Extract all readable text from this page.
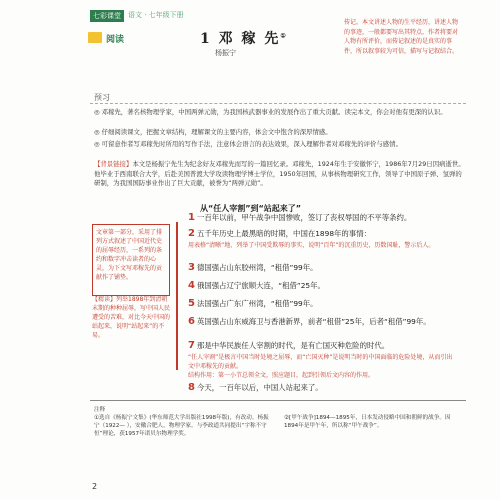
七彩课堂	语文 · 七年级下册
阅读	1 邓 稼 先①
杨振宁
传记。本文讲述人物的生平经历，讲述人物的事迹，一般都要写出其特点，作者将要对人物有所评价，而传记叙述的是真实的事件，所以叙事较为可信，描写与记叙结合。
预习
◎ 邓稼先，著名核物理学家，中国两弹元勋，为我国核武器事业的发展作出了重大贡献。读完本文，你会对他有更深的认识。
◎ 仔细阅读课文，把握文章结构，理解课文的主要内容，体会文中饱含的深厚情感。
◎ 可留意作者写邓稼先时所用的写作手法，注意体会语言的表达效果，深入理解作者对邓稼先的评价与感情。
【背景链接】本文是杨振宁先生为纪念好友邓稼先而写的一篇回忆录。邓稼先，1924年生于安徽怀宁，1986年7月29日因病逝世。他毕业于西南联合大学，后赴美国普渡大学攻读物理学博士学位，1950年回国，从事核物理研究工作，领导了中国原子弹、氢弹的研制，为我国国防事业作出了巨大贡献，被誉为“两弹元勋”。
从“任人宰割”到“站起来了”
文章第一部分，采用了排列方式叙述了中国近代史的屈辱经历，一系列的条约和数字冲击读者的心灵，为下文写邓稼先的贡献作了铺垫。
【精读】列举1898年到清朝末期的种种屈辱，写中国人民遭受的苦难，对比今天中国的站起来，说明“站起来”的不易。
1 一百年以前，甲午战争中国惨败，签订了丧权辱国的不平等条约。
2 五千年历史上最黑暗的时期，中国在1898年的事情：
用表格“清晰”地、列举了中国受欺辱的事实，说明“百年”的沉重历史，历数国耻，警示后人。
3 德国强占山东胶州湾，“租借”99年。
4 俄国强占辽宁旅顺大连，“租借”25年。
5 法国强占广东广州湾，“租借”99年。
6 英国强占山东威海卫与香港新界，前者“租借”25年，后者“租借”99年。
7 那是中华民族任人宰割的时代，是有亡国灭种危险的时代。
“任人宰割”是极言中国当时处境之屈辱，而“亡国灭种”是说明当时的中国面临的危险处境，从而引出文中邓稼先的贡献。
结构作用：第一小节总领全文，照应题目，起到引领后文内容的作用。
8 今天，一百年以后，中国人站起来了。
注释
①选自《杨振宁文集》(华东师范大学出版社1998年版)，有改动。杨振宁（1922— ），安徽合肥人，物理学家。与李政道共同提出“宇称不守恒”理论，获1957年诺贝尔物理学奖。
②[甲午战争]1894—1895年，日本发动侵略中国和朝鲜的战争。因1894年是甲午年，所以称“甲午战争”。
2
